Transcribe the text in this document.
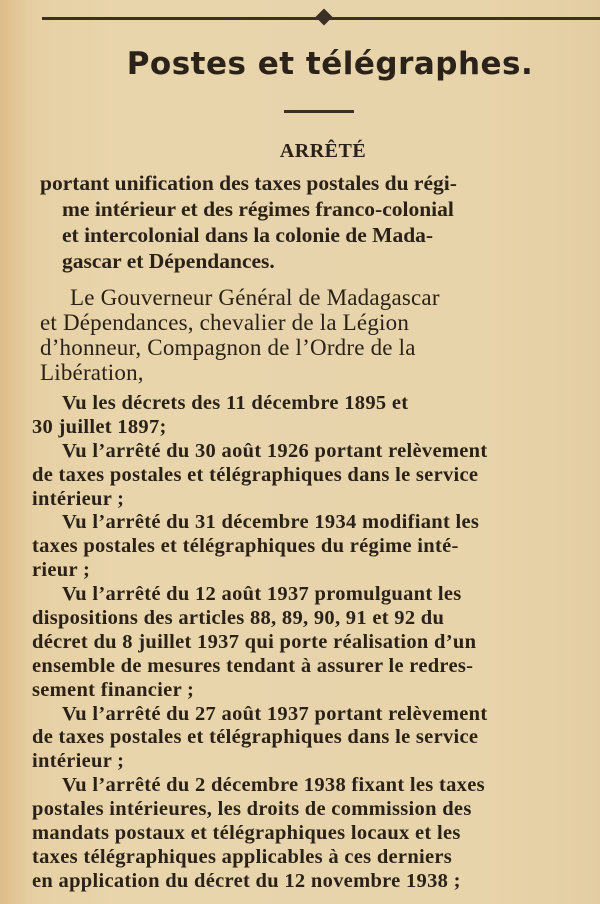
Postes et télégraphes.
ARRÊTÉ
portant unification des taxes postales du régi-
me intérieur et des régimes franco-colonial
et intercolonial dans la colonie de Mada-
gascar et Dépendances.
Le Gouverneur Général de Madagascar
et Dépendances, chevalier de la Légion
d’honneur, Compagnon de l’Ordre de la
Libération,
Vu les décrets des 11 décembre 1895 et
30 juillet 1897;
Vu l’arrêté du 30 août 1926 portant relèvement
de taxes postales et télégraphiques dans le service
intérieur ;
Vu l’arrêté du 31 décembre 1934 modifiant les
taxes postales et télégraphiques du régime inté-
rieur ;
Vu l’arrêté du 12 août 1937 promulguant les
dispositions des articles 88, 89, 90, 91 et 92 du
décret du 8 juillet 1937 qui porte réalisation d’un
ensemble de mesures tendant à assurer le redres-
sement financier ;
Vu l’arrêté du 27 août 1937 portant relèvement
de taxes postales et télégraphiques dans le service
intérieur ;
Vu l’arrêté du 2 décembre 1938 fixant les taxes
postales intérieures, les droits de commission des
mandats postaux et télégraphiques locaux et les
taxes télégraphiques applicables à ces derniers
en application du décret du 12 novembre 1938 ;
